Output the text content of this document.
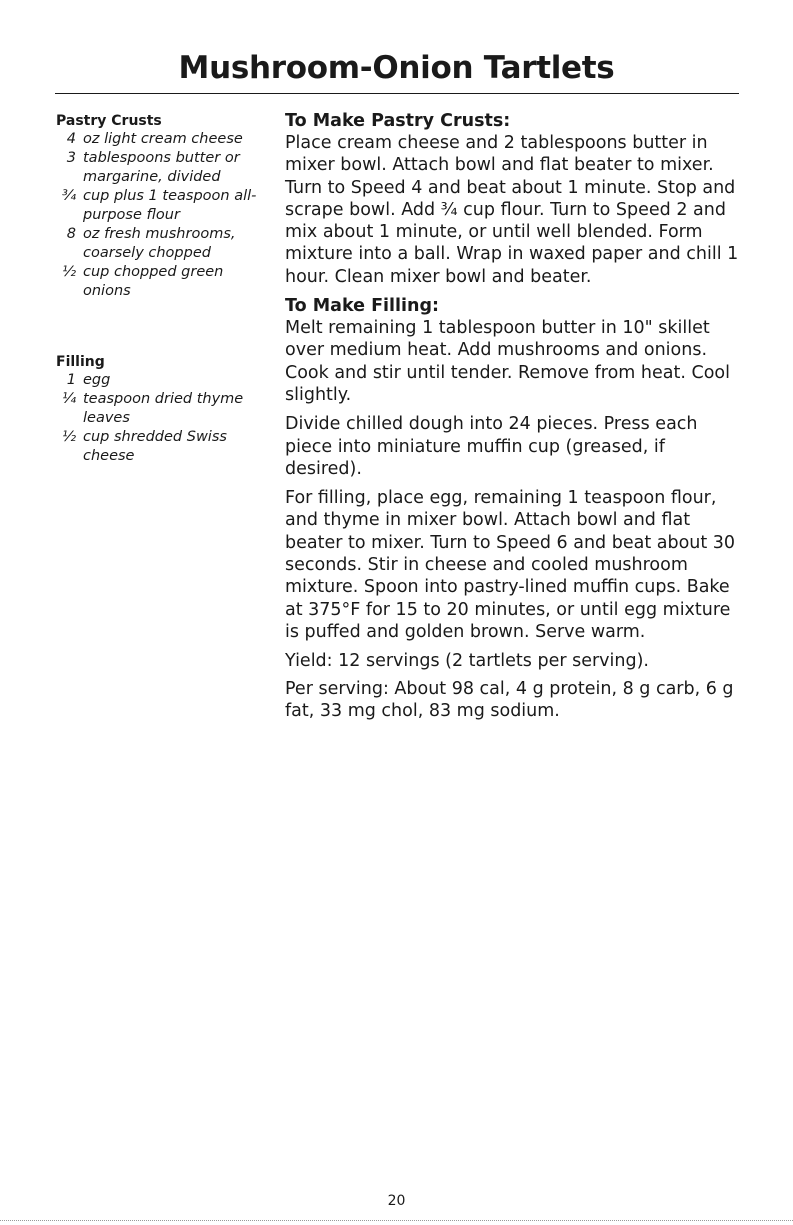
Mushroom-Onion Tartlets

Pastry Crusts

4 oz light cream cheese
3 tablespoons butter or margarine, divided
¾ cup plus 1 teaspoon all-purpose flour
8 oz fresh mushrooms, coarsely chopped
½ cup chopped green onions

Filling

1 egg
¼ teaspoon dried thyme leaves
½ cup shredded Swiss cheese

To Make Pastry Crusts:

Place cream cheese and 2 tablespoons butter in mixer bowl. Attach bowl and flat beater to mixer. Turn to Speed 4 and beat about 1 minute. Stop and scrape bowl. Add ¾ cup flour. Turn to Speed 2 and mix about 1 minute, or until well blended. Form mixture into a ball. Wrap in waxed paper and chill 1 hour. Clean mixer bowl and beater.

To Make Filling:

Melt remaining 1 tablespoon butter in 10" skillet over medium heat. Add mushrooms and onions. Cook and stir until tender. Remove from heat. Cool slightly.

Divide chilled dough into 24 pieces. Press each piece into miniature muffin cup (greased, if desired).

For filling, place egg, remaining 1 teaspoon flour, and thyme in mixer bowl. Attach bowl and flat beater to mixer. Turn to Speed 6 and beat about 30 seconds. Stir in cheese and cooled mushroom mixture. Spoon into pastry-lined muffin cups. Bake at 375°F for 15 to 20 minutes, or until egg mixture is puffed and golden brown. Serve warm.

Yield: 12 servings (2 tartlets per serving).

Per serving: About 98 cal, 4 g protein, 8 g carb, 6 g fat, 33 mg chol, 83 mg sodium.

20
